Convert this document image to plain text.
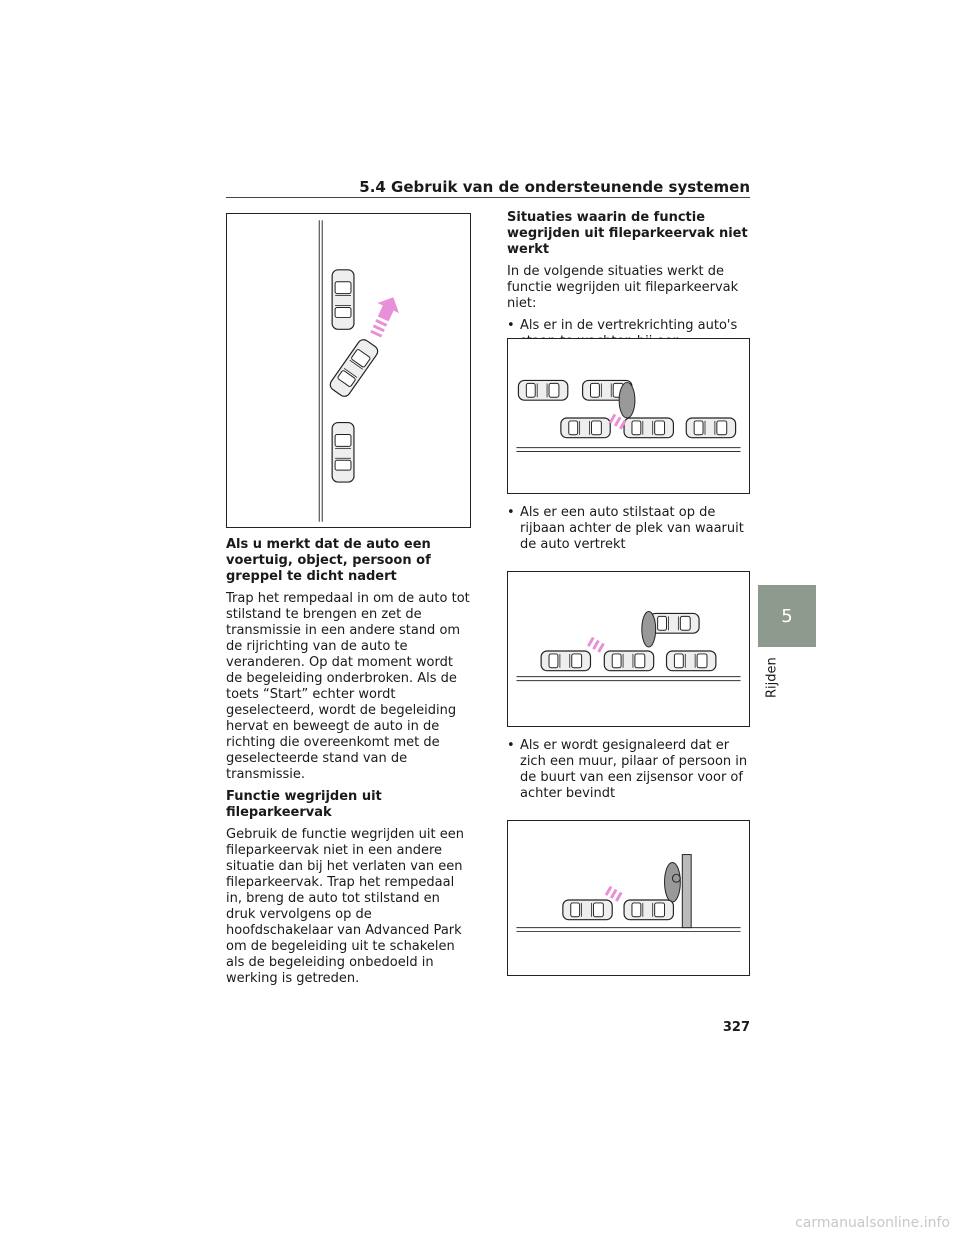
5.4 Gebruik van de ondersteunende systemen
Als u merkt dat de auto een voertuig, object, persoon of greppel te dicht nadert

Trap het rempedaal in om de auto tot stilstand te brengen en zet de transmissie in een andere stand om de rijrichting van de auto te veranderen. Op dat moment wordt de begeleiding onderbroken. Als de toets “Start” echter wordt geselecteerd, wordt de begeleiding hervat en beweegt de auto in de richting die overeenkomt met de geselecteerde stand van de transmissie.

Functie wegrijden uit fileparkeervak

Gebruik de functie wegrijden uit een fileparkeervak niet in een andere situatie dan bij het verlaten van een fileparkeervak. Trap het rempedaal in, breng de auto tot stilstand en druk vervolgens op de hoofdschakelaar van Advanced Park om de begeleiding uit te schakelen als de begeleiding onbedoeld in werking is getreden.

Situaties waarin de functie wegrijden uit fileparkeervak niet werkt

In de volgende situaties werkt de functie wegrijden uit fileparkeervak niet:

• Als er in de vertrekrichting auto's
• Als er een auto stilstaat op de rijbaan achter de plek van waaruit de auto vertrekt
• Als er wordt gesignaleerd dat er zich een muur, pilaar of persoon in de buurt van een zijsensor voor of achter bevindt
5
Rijden
327
carmanualsonline.info
